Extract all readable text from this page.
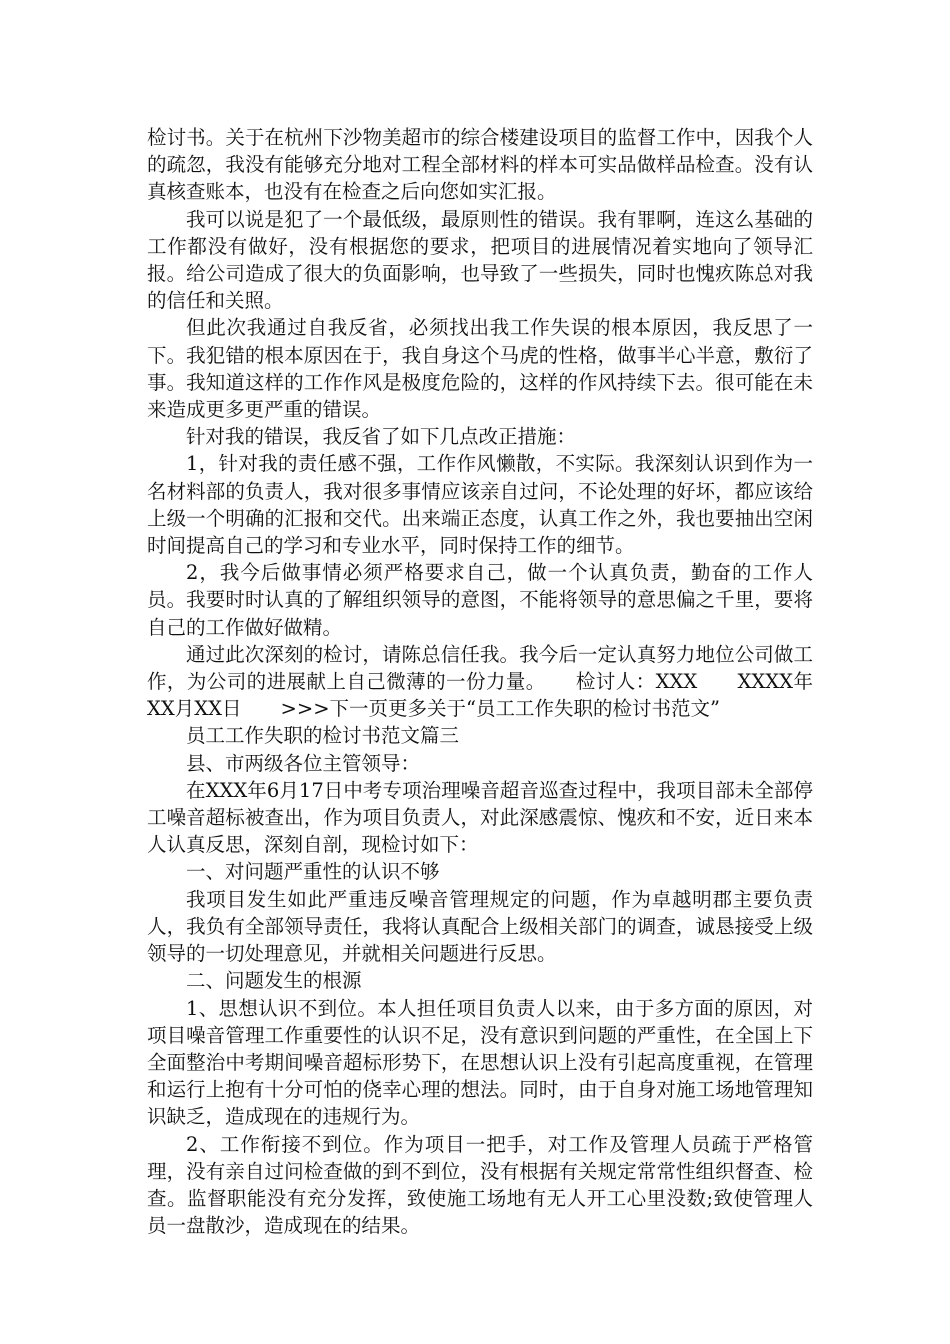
检讨书。关于在杭州下沙物美超市的综合楼建设项目的监督工作中，因我个人的疏忽，我没有能够充分地对工程全部材料的样本可实品做样品检查。没有认真核查账本，也没有在检查之后向您如实汇报。

我可以说是犯了一个最低级，最原则性的错误。我有罪啊，连这么基础的工作都没有做好，没有根据您的要求，把项目的进展情况着实地向了领导汇报。给公司造成了很大的负面影响，也导致了一些损失，同时也愧疚陈总对我的信任和关照。

但此次我通过自我反省，必须找出我工作失误的根本原因，我反思了一下。我犯错的根本原因在于，我自身这个马虎的性格，做事半心半意，敷衍了事。我知道这样的工作作风是极度危险的，这样的作风持续下去。很可能在未来造成更多更严重的错误。

针对我的错误，我反省了如下几点改正措施：

1，针对我的责任感不强，工作作风懒散，不实际。我深刻认识到作为一名材料部的负责人，我对很多事情应该亲自过问，不论处理的好坏，都应该给上级一个明确的汇报和交代。出来端正态度，认真工作之外，我也要抽出空闲时间提高自己的学习和专业水平，同时保持工作的细节。

2，我今后做事情必须严格要求自己，做一个认真负责，勤奋的工作人员。我要时时认真的了解组织领导的意图，不能将领导的意思偏之千里，要将自己的工作做好做精。

通过此次深刻的检讨，请陈总信任我。我今后一定认真努力地位公司做工作，为公司的进展献上自己微薄的一份力量。　　检讨人：XXX　　XXXX年XX月XX日　　>>>下一页更多关于“员工工作失职的检讨书范文”

员工工作失职的检讨书范文篇三

县、市两级各位主管领导：

在XXX年6月17日中考专项治理噪音超音巡查过程中，我项目部未全部停工噪音超标被查出，作为项目负责人，对此深感震惊、愧疚和不安，近日来本人认真反思，深刻自剖，现检讨如下：

一、对问题严重性的认识不够

我项目发生如此严重违反噪音管理规定的问题，作为卓越明郡主要负责人，我负有全部领导责任，我将认真配合上级相关部门的调查，诚恳接受上级领导的一切处理意见，并就相关问题进行反思。

二、问题发生的根源

1、思想认识不到位。本人担任项目负责人以来，由于多方面的原因，对项目噪音管理工作重要性的认识不足，没有意识到问题的严重性，在全国上下全面整治中考期间噪音超标形势下，在思想认识上没有引起高度重视，在管理和运行上抱有十分可怕的侥幸心理的想法。同时，由于自身对施工场地管理知识缺乏，造成现在的违规行为。

2、工作衔接不到位。作为项目一把手，对工作及管理人员疏于严格管理，没有亲自过问检查做的到不到位，没有根据有关规定常常性组织督查、检查。监督职能没有充分发挥，致使施工场地有无人开工心里没数;致使管理人员一盘散沙，造成现在的结果。
